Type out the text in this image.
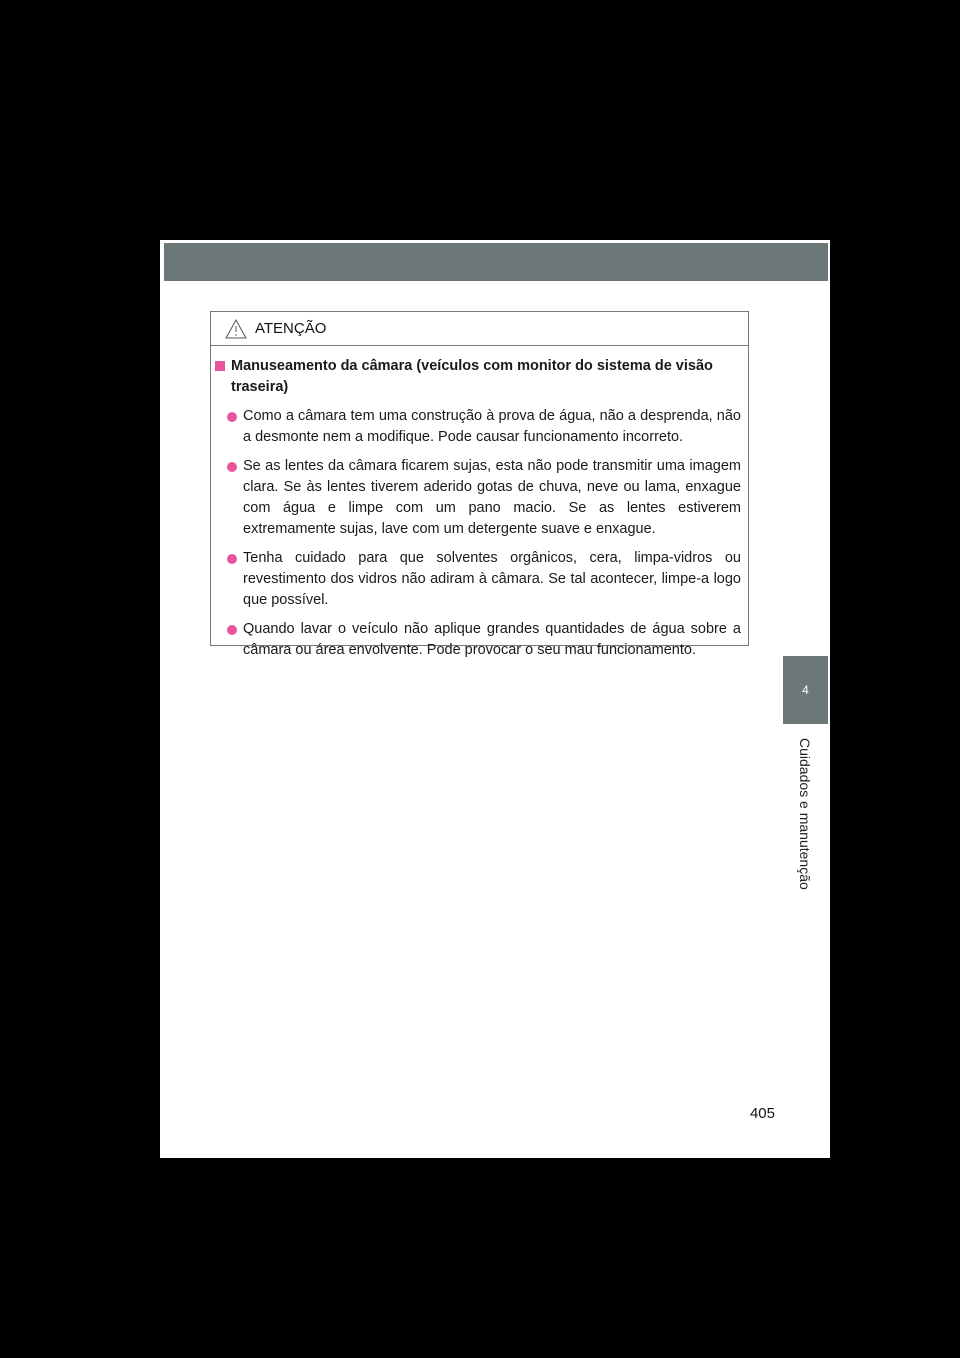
4
Cuidados e manutenção
ATENÇÃO
Manuseamento da câmara (veículos com monitor do sistema de visão traseira)
Como a câmara tem uma construção à prova de água, não a desprenda, não a desmonte nem a modifique. Pode causar funcionamento incorreto.
Se as lentes da câmara ficarem sujas, esta não pode transmitir uma imagem clara. Se às lentes tiverem aderido gotas de chuva, neve ou lama, enxague com água e limpe com um pano macio. Se as lentes estiverem extremamente sujas, lave com um detergente suave e enxague.
Tenha cuidado para que solventes orgânicos, cera, limpa-vidros ou revestimento dos vidros não adiram à câmara. Se tal acontecer, limpe-a logo que possível.
Quando lavar o veículo não aplique grandes quantidades de água sobre a câmara ou área envolvente. Pode provocar o seu mau funcionamento.
405
